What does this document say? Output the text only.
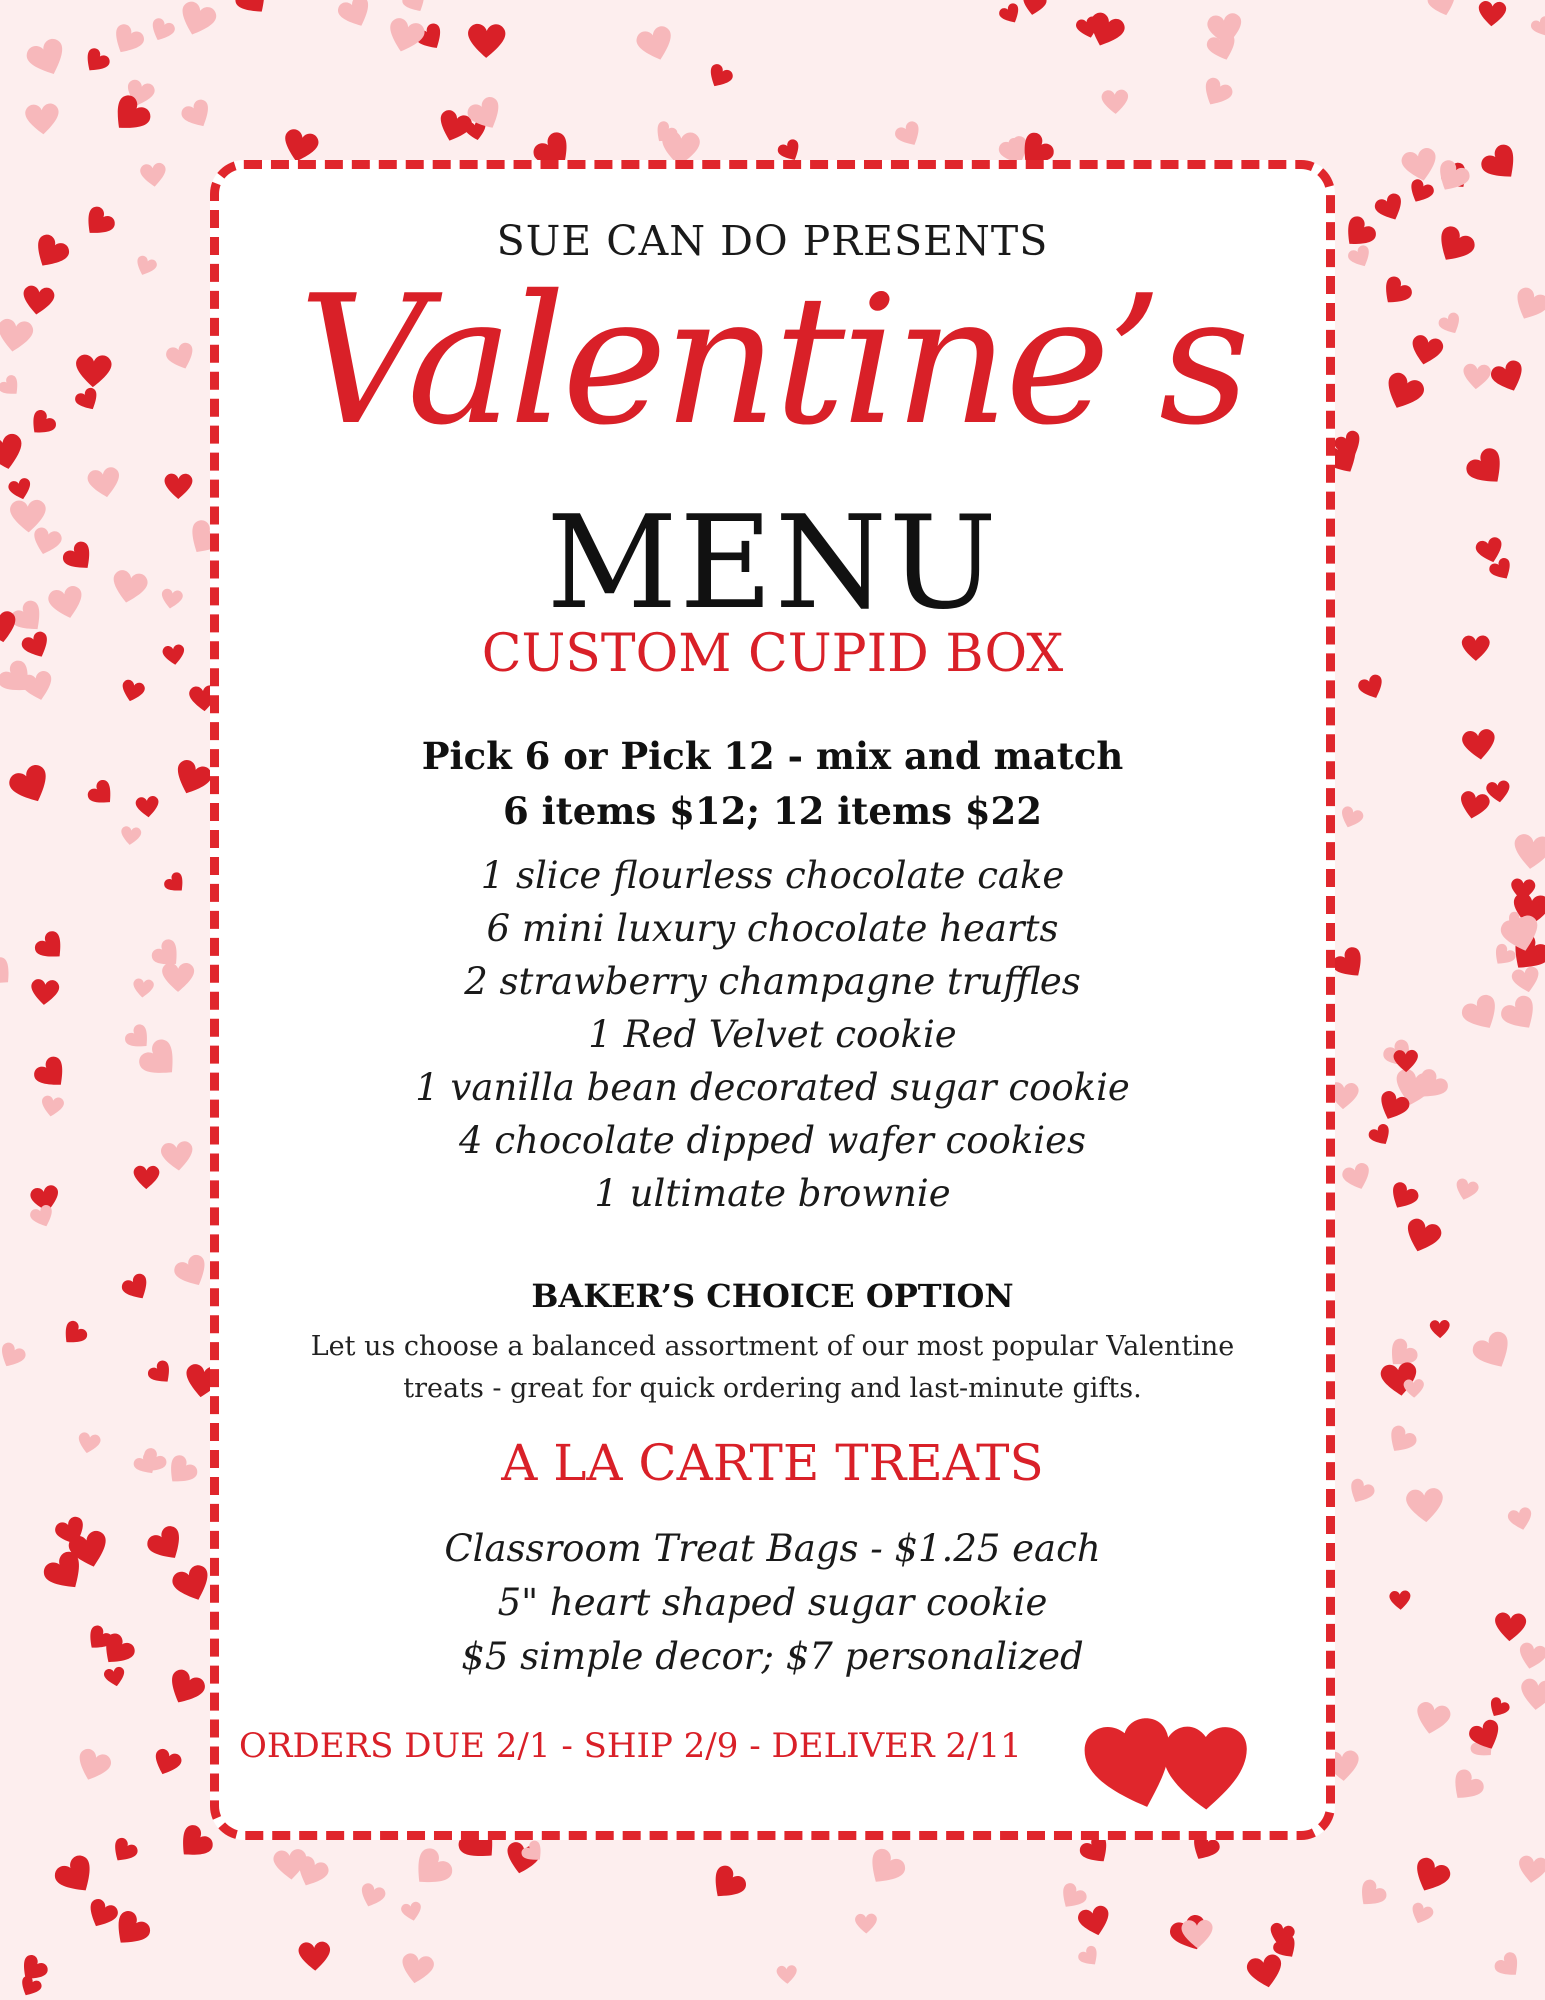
SUE CAN DO PRESENTS
Valentine’s
MENU
CUSTOM CUPID BOX
Pick 6 or Pick 12 - mix and match
6 items $12; 12 items $22
1 slice flourless chocolate cake
6 mini luxury chocolate hearts
2 strawberry champagne truffles
1 Red Velvet cookie
1 vanilla bean decorated sugar cookie
4 chocolate dipped wafer cookies
1 ultimate brownie
BAKER’S CHOICE OPTION
Let us choose a balanced assortment of our most popular Valentine
treats - great for quick ordering and last-minute gifts.
A LA CARTE TREATS
Classroom Treat Bags - $1.25 each
5" heart shaped sugar cookie
$5 simple decor; $7 personalized
ORDERS DUE 2/1 - SHIP 2/9 - DELIVER 2/11
